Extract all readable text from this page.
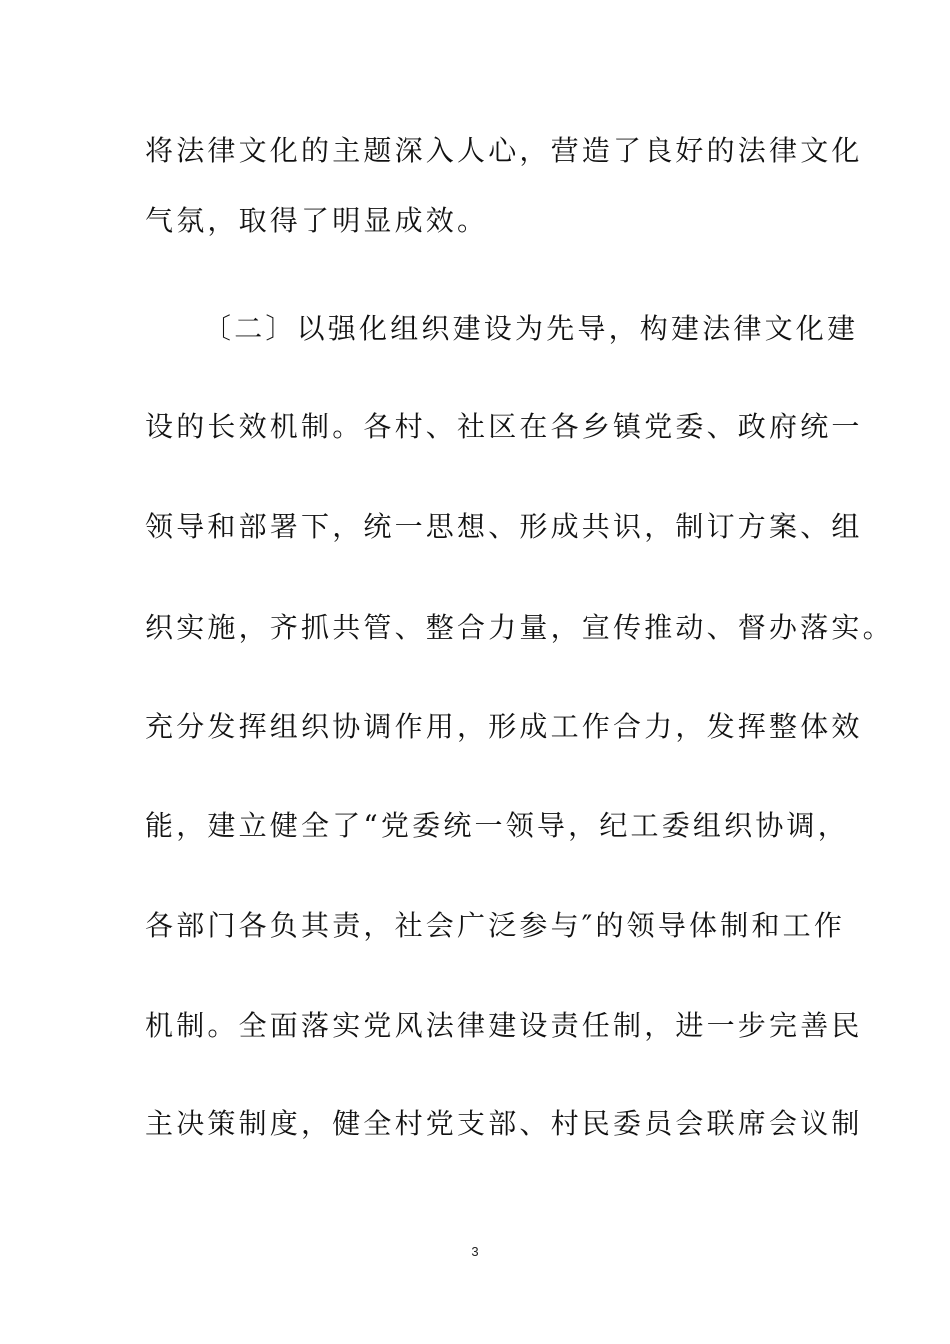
将法律文化的主题深入人心，营造了良好的法律文化
气氛，取得了明显成效。
〔二〕以强化组织建设为先导，构建法律文化建
设的长效机制。各村、社区在各乡镇党委、政府统一
领导和部署下，统一思想、形成共识，制订方案、组
织实施，齐抓共管、整合力量，宣传推动、督办落实。
充分发挥组织协调作用，形成工作合力，发挥整体效
能，建立健全了“党委统一领导，纪工委组织协调，
各部门各负其责，社会广泛参与″的领导体制和工作
机制。全面落实党风法律建设责任制，进一步完善民
主决策制度，健全村党支部、村民委员会联席会议制
3
